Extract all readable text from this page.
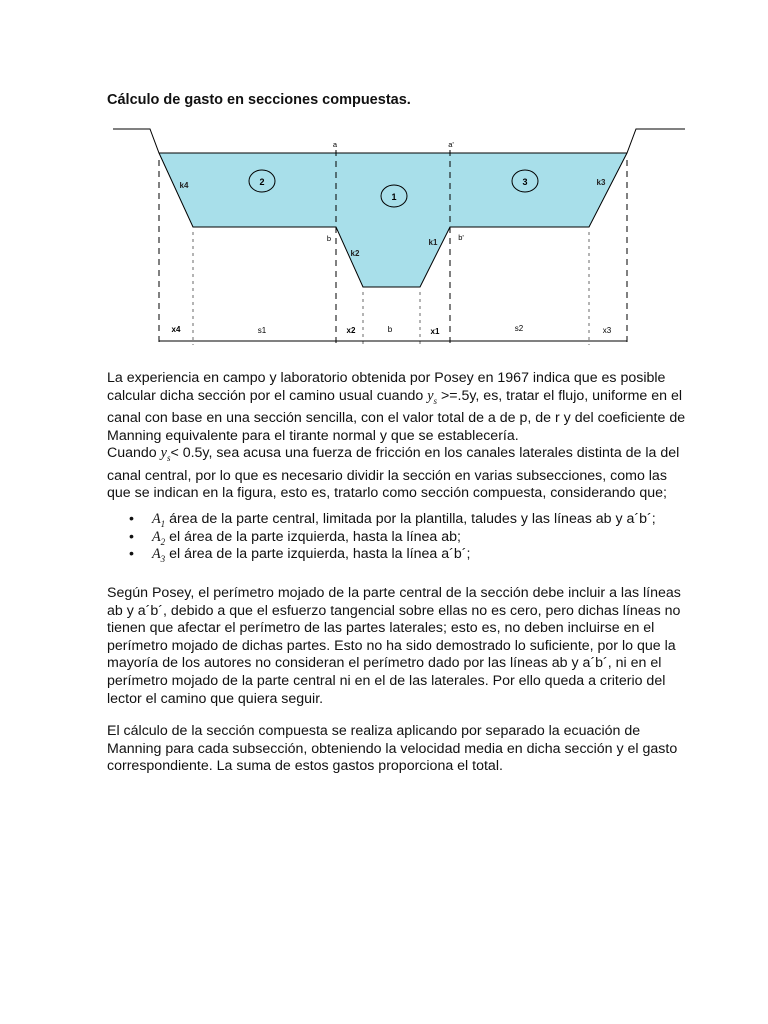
Cálculo de gasto en secciones compuestas.
2
1
3
a	a'
b	b'
k4	k3
k2
k1
x4	s1	x2	b	x1	s2	x3

La experiencia en campo y laboratorio obtenida por Posey en 1967 indica que es posible calcular dicha sección por el camino usual cuando $y_s >=.5y$, es, tratar el flujo, uniforme en el canal con base en una sección sencilla, con el valor total de a de p, de r y del coeficiente de Manning equivalente para el tirante normal y que se establecería.
Cuando $y_s< 0.5y$, sea acusa una fuerza de fricción en los canales laterales distinta de la del canal central, por lo que es necesario dividir la sección en varias subsecciones, como las que se indican en la figura, esto es, tratarlo como sección compuesta, considerando que;

• $A_1$ área de la parte central, limitada por la plantilla, taludes y las líneas ab y a´b´;
• $A_2$ el área de la parte izquierda, hasta la línea ab;
• $A_3$ el área de la parte izquierda, hasta la línea a´b´;

Según Posey, el perímetro mojado de la parte central de la sección debe incluir a las líneas ab y a´b´, debido a que el esfuerzo tangencial sobre ellas no es cero, pero dichas líneas no tienen que afectar el perímetro de las partes laterales; esto es, no deben incluirse en el perímetro mojado de dichas partes. Esto no ha sido demostrado lo suficiente, por lo que la mayoría de los autores no consideran el perímetro dado por las líneas ab y a´b´, ni en el perímetro mojado de la parte central ni en el de las laterales. Por ello queda a criterio del lector el camino que quiera seguir.

El cálculo de la sección compuesta se realiza aplicando por separado la ecuación de Manning para cada subsección, obteniendo la velocidad media en dicha sección y el gasto correspondiente. La suma de estos gastos proporciona el total.
